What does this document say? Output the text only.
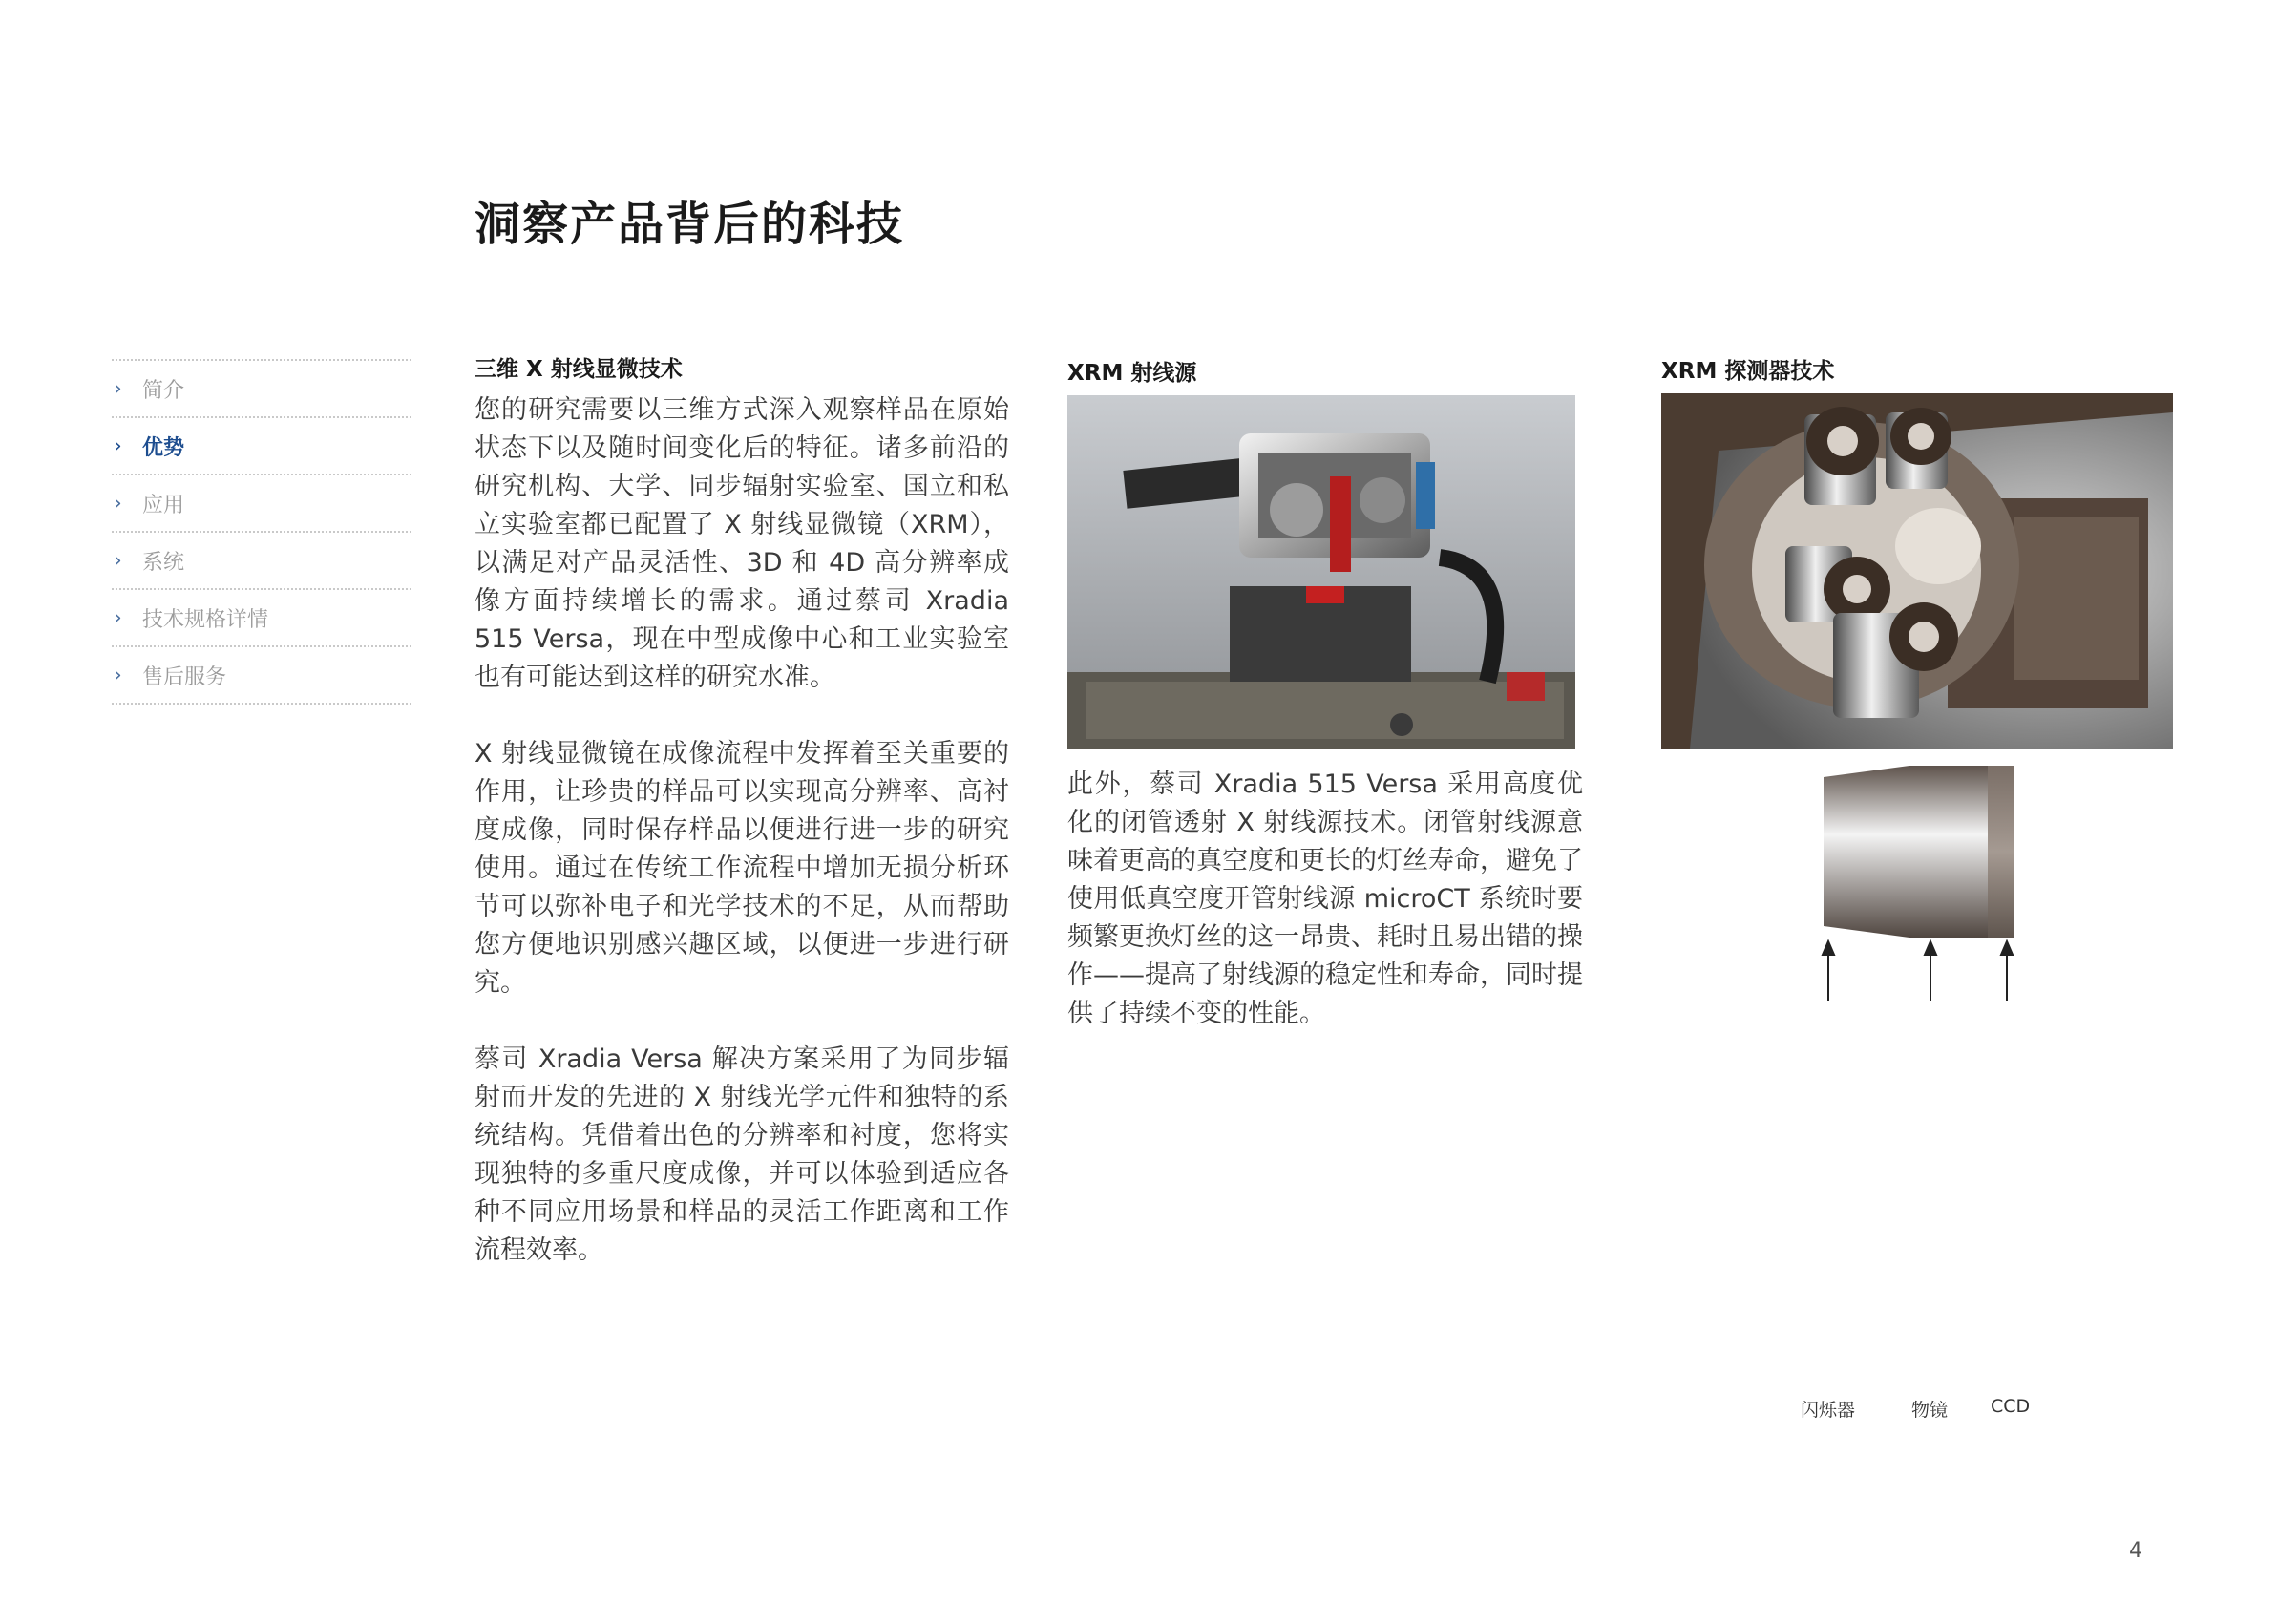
洞察产品背后的科技
› 简介
› 优势
› 应用
› 系统
› 技术规格详情
› 售后服务
三维 X 射线显微技术

您的研究需要以三维方式深入观察样品在原始状态下以及随时间变化后的特征。诸多前沿的研究机构、大学、同步辐射实验室、国立和私立实验室都已配置了 X 射线显微镜（XRM），以满足对产品灵活性、3D 和 4D 高分辨率成像方面持续增长的需求。通过蔡司 Xradia 515 Versa，现在中型成像中心和工业实验室也有可能达到这样的研究水准。

X 射线显微镜在成像流程中发挥着至关重要的作用，让珍贵的样品可以实现高分辨率、高衬度成像，同时保存样品以便进行进一步的研究使用。通过在传统工作流程中增加无损分析环节可以弥补电子和光学技术的不足，从而帮助您方便地识别感兴趣区域，以便进一步进行研究。

蔡司 Xradia Versa 解决方案采用了为同步辐射而开发的先进的 X 射线光学元件和独特的系统结构。凭借着出色的分辨率和衬度，您将实现独特的多重尺度成像，并可以体验到适应各种不同应用场景和样品的灵活工作距离和工作流程效率。

XRM 射线源

此外，蔡司 Xradia 515 Versa 采用高度优化的闭管透射 X 射线源技术。闭管射线源意味着更高的真空度和更长的灯丝寿命，避免了使用低真空度开管射线源 microCT 系统时要频繁更换灯丝的这一昂贵、耗时且易出错的操作——提高了射线源的稳定性和寿命，同时提供了持续不变的性能。

XRM 探测器技术
闪烁器	物镜 CCD
4
